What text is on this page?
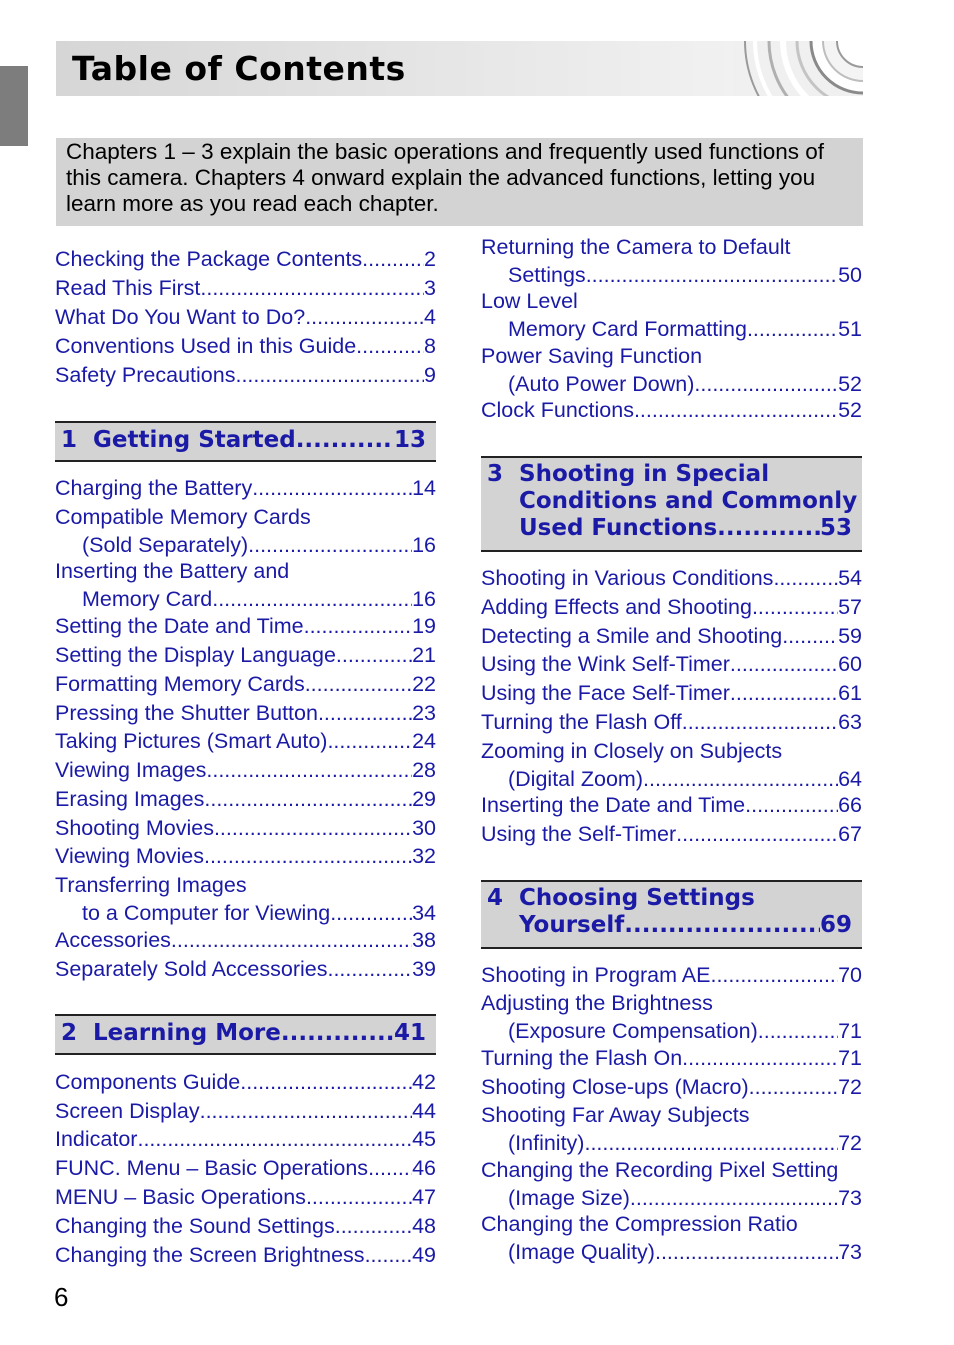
Table of Contents
Chapters 1 – 3 explain the basic operations and frequently used functions of this camera. Chapters 4 onward explain the advanced functions, letting you learn more as you read each chapter.
Checking the Package Contents .....	2
Read This First .....	3
What Do You Want to Do? .....	4
Conventions Used in this Guide .....	8
Safety Precautions .....	9
1 Getting Started .....	13
Charging the Battery .....	14
Compatible Memory Cards
(Sold Separately) .....	16
Inserting the Battery and
Memory Card .....	16
Setting the Date and Time .....	19
Setting the Display Language .....	21
Formatting Memory Cards .....	22
Pressing the Shutter Button .....	23
Taking Pictures (Smart Auto) .....	24
Viewing Images .....	28
Erasing Images .....	29
Shooting Movies .....	30
Viewing Movies .....	32
Transferring Images
to a Computer for Viewing .....	34
Accessories .....	38
Separately Sold Accessories .....	39
2 Learning More .....	41
Components Guide .....	42
Screen Display .....	44
Indicator .....	45
FUNC. Menu – Basic Operations ..... 46
MENU – Basic Operations .....	47
Changing the Sound Settings .....	48
Changing the Screen Brightness ..... 49
Returning the Camera to Default
Settings .....	50
Low Level
Memory Card Formatting .....	51
Power Saving Function
(Auto Power Down) .....	52
Clock Functions .....	52
3 Shooting in Special
Conditions and Commonly
Used Functions .....	53
Shooting in Various Conditions .....	54
Adding Effects and Shooting .....	57
Detecting a Smile and Shooting .....	59
Using the Wink Self-Timer .....	60
Using the Face Self-Timer .....	61
Turning the Flash Off .....	63
Zooming in Closely on Subjects
(Digital Zoom) .....	64
Inserting the Date and Time .....	66
Using the Self-Timer .....	67
4 Choosing Settings
Yourself .....	69
Shooting in Program AE .....	70
Adjusting the Brightness
(Exposure Compensation) .....	71
Turning the Flash On .....	71
Shooting Close-ups (Macro) .....	72
Shooting Far Away Subjects
(Infinity) .....	72
Changing the Recording Pixel Setting
(Image Size) .....	73
Changing the Compression Ratio
(Image Quality) .....	73
6
